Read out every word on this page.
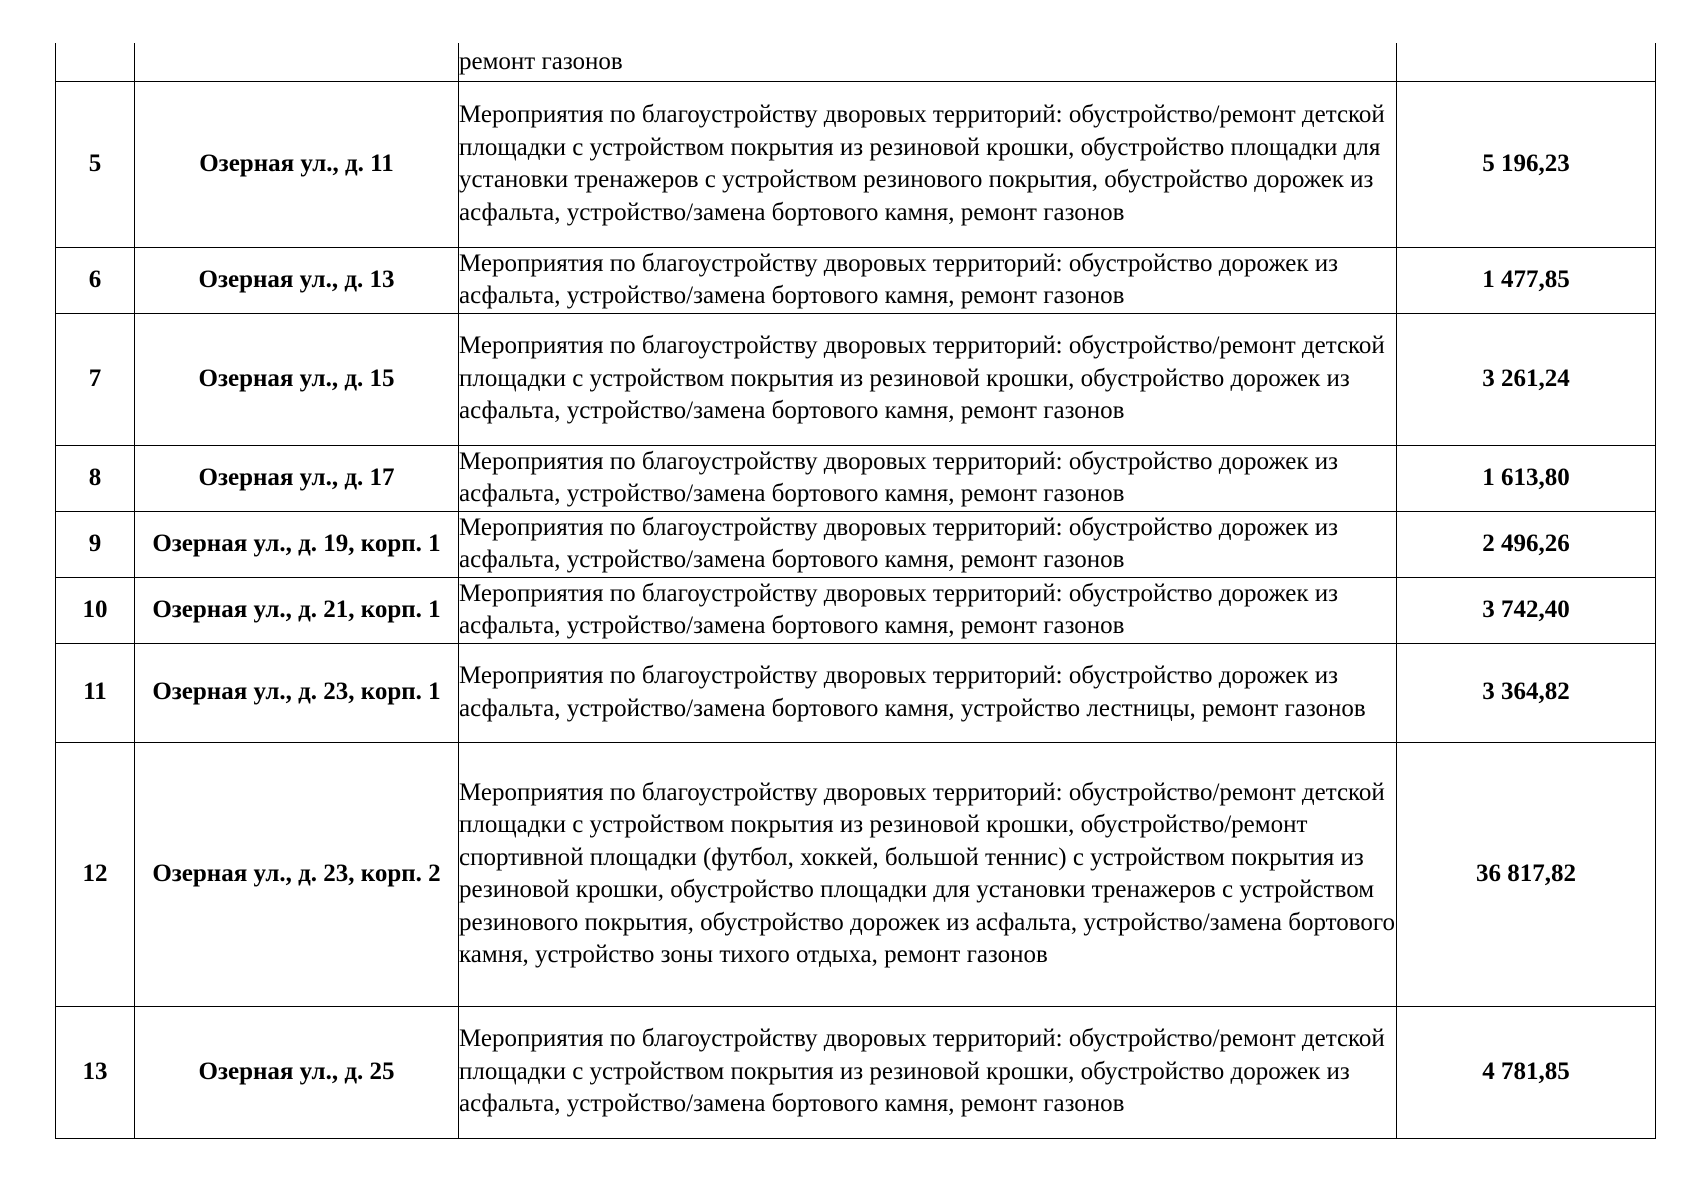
		ремонт газонов	
5	Озерная ул., д. 11	Мероприятия по благоустройству дворовых территорий: обустройство/ремонт детской площадки с устройством покрытия из резиновой крошки, обустройство площадки для установки тренажеров с устройством резинового покрытия, обустройство дорожек из асфальта, устройство/замена бортового камня, ремонт газонов	5 196,23
6	Озерная ул., д. 13	Мероприятия по благоустройству дворовых территорий: обустройство дорожек из асфальта, устройство/замена бортового камня, ремонт газонов	1 477,85
7	Озерная ул., д. 15	Мероприятия по благоустройству дворовых территорий: обустройство/ремонт детской площадки с устройством покрытия из резиновой крошки, обустройство дорожек из асфальта, устройство/замена бортового камня, ремонт газонов	3 261,24
8	Озерная ул., д. 17	Мероприятия по благоустройству дворовых территорий: обустройство дорожек из асфальта, устройство/замена бортового камня, ремонт газонов	1 613,80
9	Озерная ул., д. 19, корп. 1	Мероприятия по благоустройству дворовых территорий: обустройство дорожек из асфальта, устройство/замена бортового камня, ремонт газонов	2 496,26
10	Озерная ул., д. 21, корп. 1	Мероприятия по благоустройству дворовых территорий: обустройство дорожек из асфальта, устройство/замена бортового камня, ремонт газонов	3 742,40
11	Озерная ул., д. 23, корп. 1	Мероприятия по благоустройству дворовых территорий: обустройство дорожек из асфальта, устройство/замена бортового камня, устройство лестницы, ремонт газонов	3 364,82
12	Озерная ул., д. 23, корп. 2	Мероприятия по благоустройству дворовых территорий: обустройство/ремонт детской площадки с устройством покрытия из резиновой крошки, обустройство/ремонт спортивной площадки (футбол, хоккей, большой теннис) с устройством покрытия из резиновой крошки, обустройство площадки для установки тренажеров с устройством резинового покрытия, обустройство дорожек из асфальта, устройство/замена бортового камня, устройство зоны тихого отдыха, ремонт газонов	36 817,82
13	Озерная ул., д. 25	Мероприятия по благоустройству дворовых территорий: обустройство/ремонт детской площадки с устройством покрытия из резиновой крошки, обустройство дорожек из асфальта, устройство/замена бортового камня, ремонт газонов	4 781,85
